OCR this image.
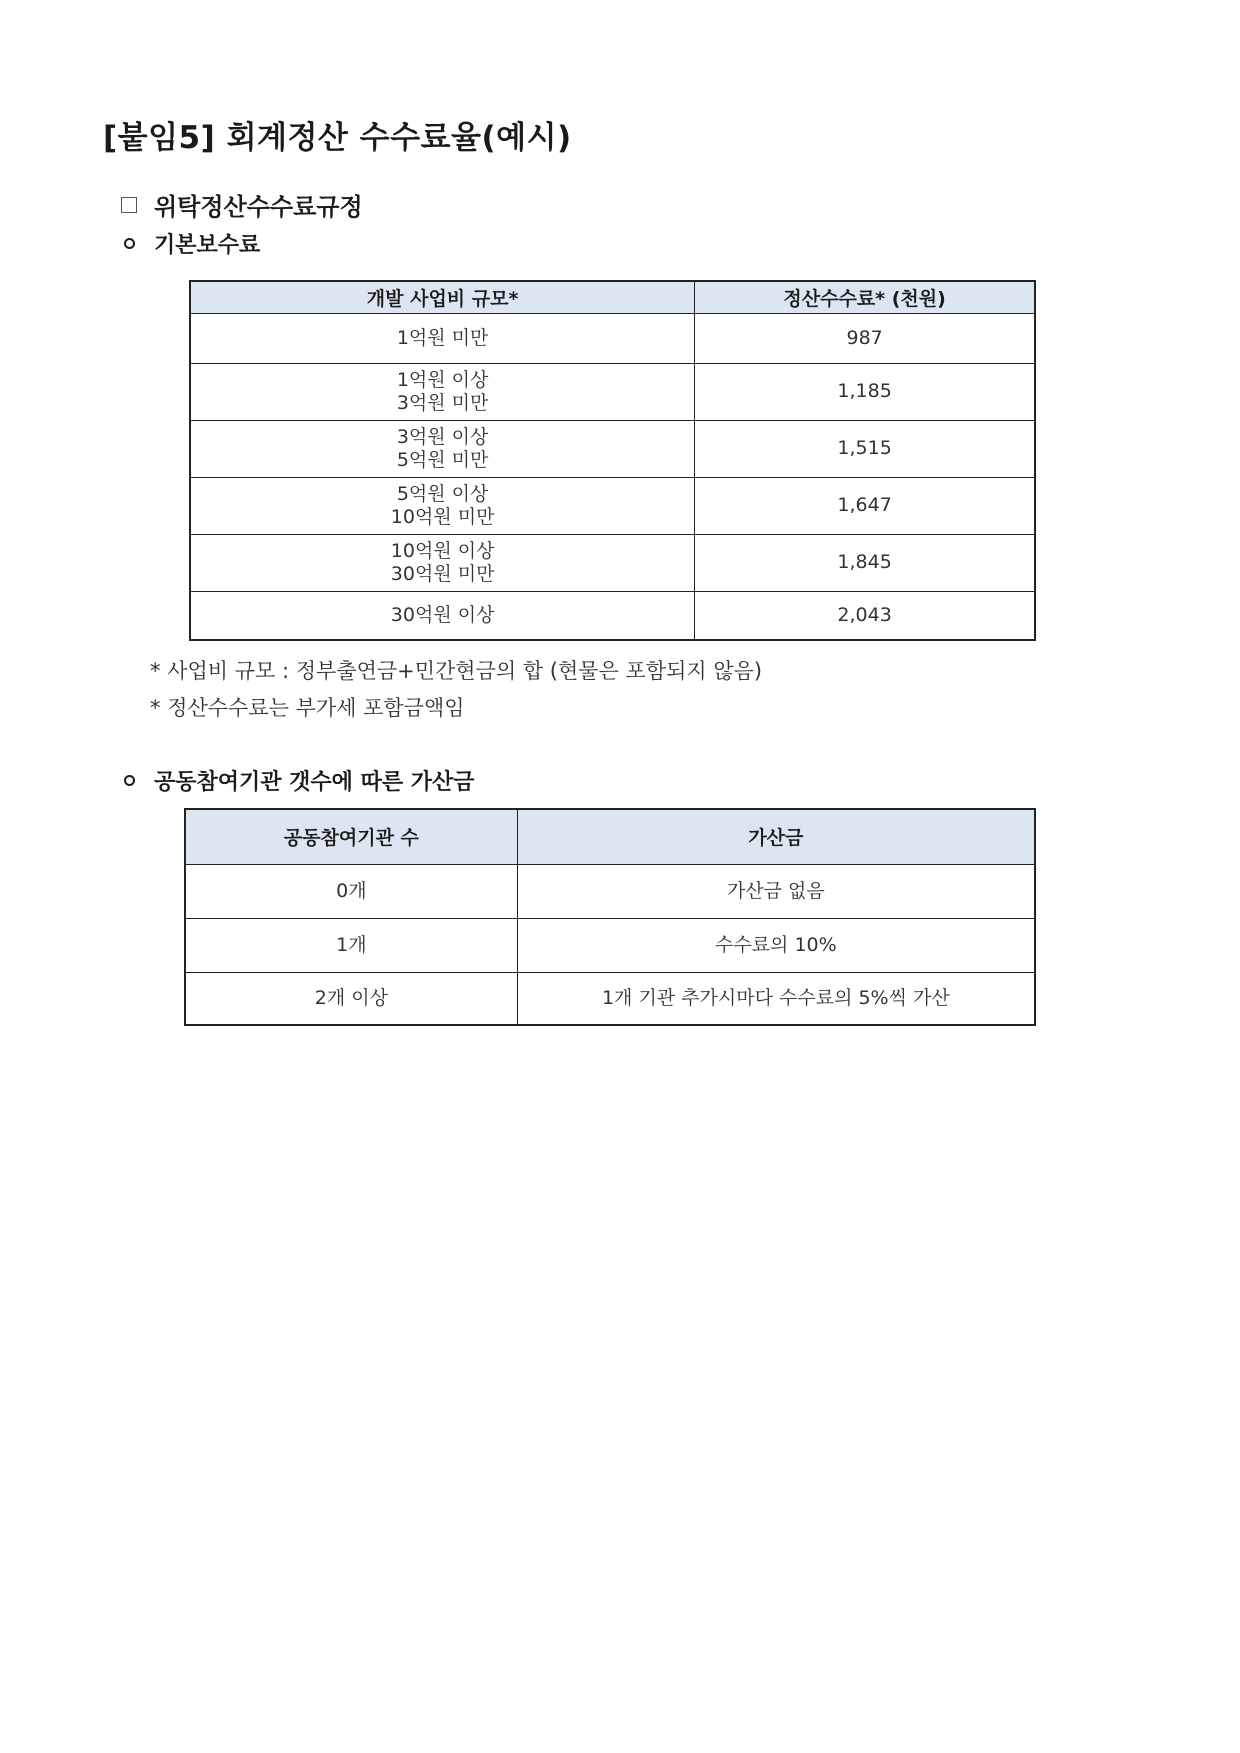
[붙임5] 회계정산 수수료율(예시)
위탁정산수수료규정
기본보수료
개발 사업비 규모*	정산수수료* (천원)

1억원 미만	987

1억원 이상
3억원 미만	1,185

3억원 이상
5억원 미만	1,515

5억원 이상
10억원 미만	1,647

10억원 이상
30억원 미만	1,845

30억원 이상	2,043
* 사업비 규모 : 정부출연금+민간현금의 합 (현물은 포함되지 않음)
* 정산수수료는 부가세 포함금액임
공동참여기관 갯수에 따른 가산금
공동참여기관 수	가산금
0개	가산금 없음
1개	수수료의 10%
2개 이상	1개 기관 추가시마다 수수료의 5%씩 가산
